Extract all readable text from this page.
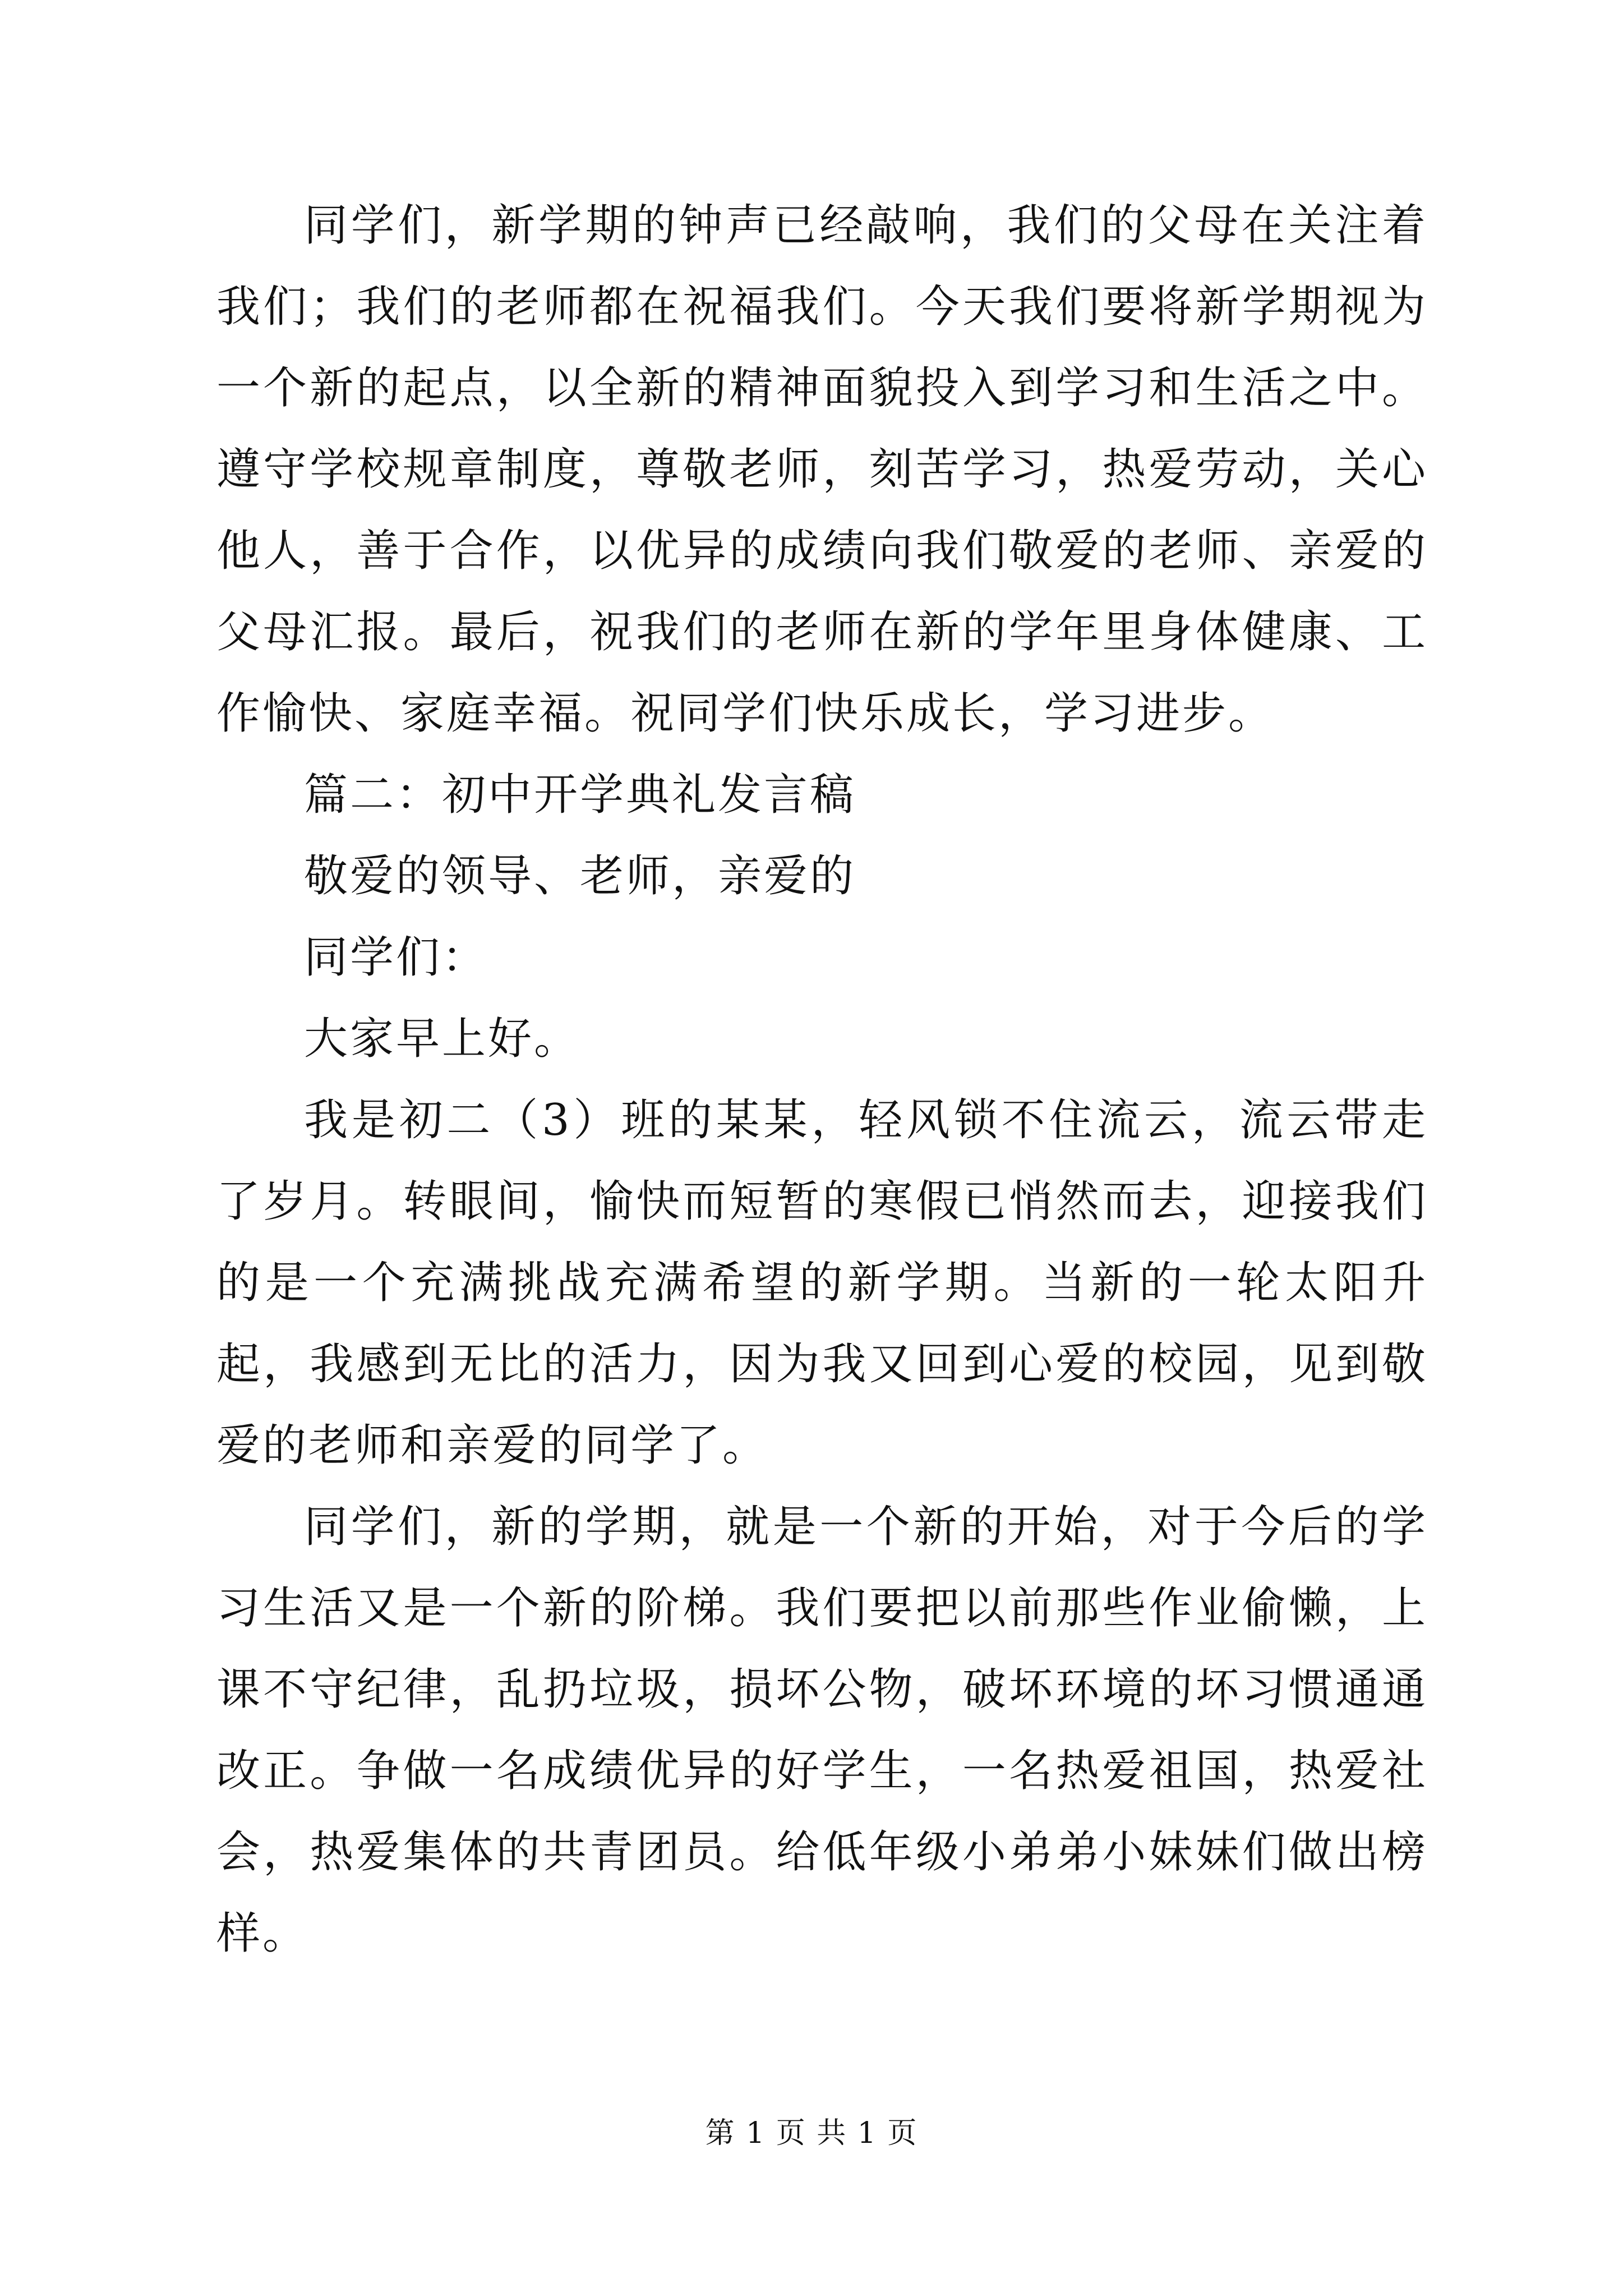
同学们，新学期的钟声已经敲响，我们的父母在关注着我们；我们的老师都在祝福我们。今天我们要将新学期视为一个新的起点，以全新的精神面貌投入到学习和生活之中。遵守学校规章制度，尊敬老师，刻苦学习，热爱劳动，关心他人，善于合作，以优异的成绩向我们敬爱的老师、亲爱的父母汇报。最后，祝我们的老师在新的学年里身体健康、工作愉快、家庭幸福。祝同学们快乐成长，学习进步。

篇二：初中开学典礼发言稿

敬爱的领导、老师，亲爱的

同学们：

大家早上好。

我是初二（3）班的某某，轻风锁不住流云，流云带走了岁月。转眼间，愉快而短暂的寒假已悄然而去，迎接我们的是一个充满挑战充满希望的新学期。当新的一轮太阳升起，我感到无比的活力，因为我又回到心爱的校园，见到敬爱的老师和亲爱的同学了。

同学们，新的学期，就是一个新的开始，对于今后的学习生活又是一个新的阶梯。我们要把以前那些作业偷懒，上课不守纪律，乱扔垃圾，损坏公物，破坏环境的坏习惯通通改正。争做一名成绩优异的好学生，一名热爱祖国，热爱社会，热爱集体的共青团员。给低年级小弟弟小妹妹们做出榜样。

第 1 页 共 1 页
